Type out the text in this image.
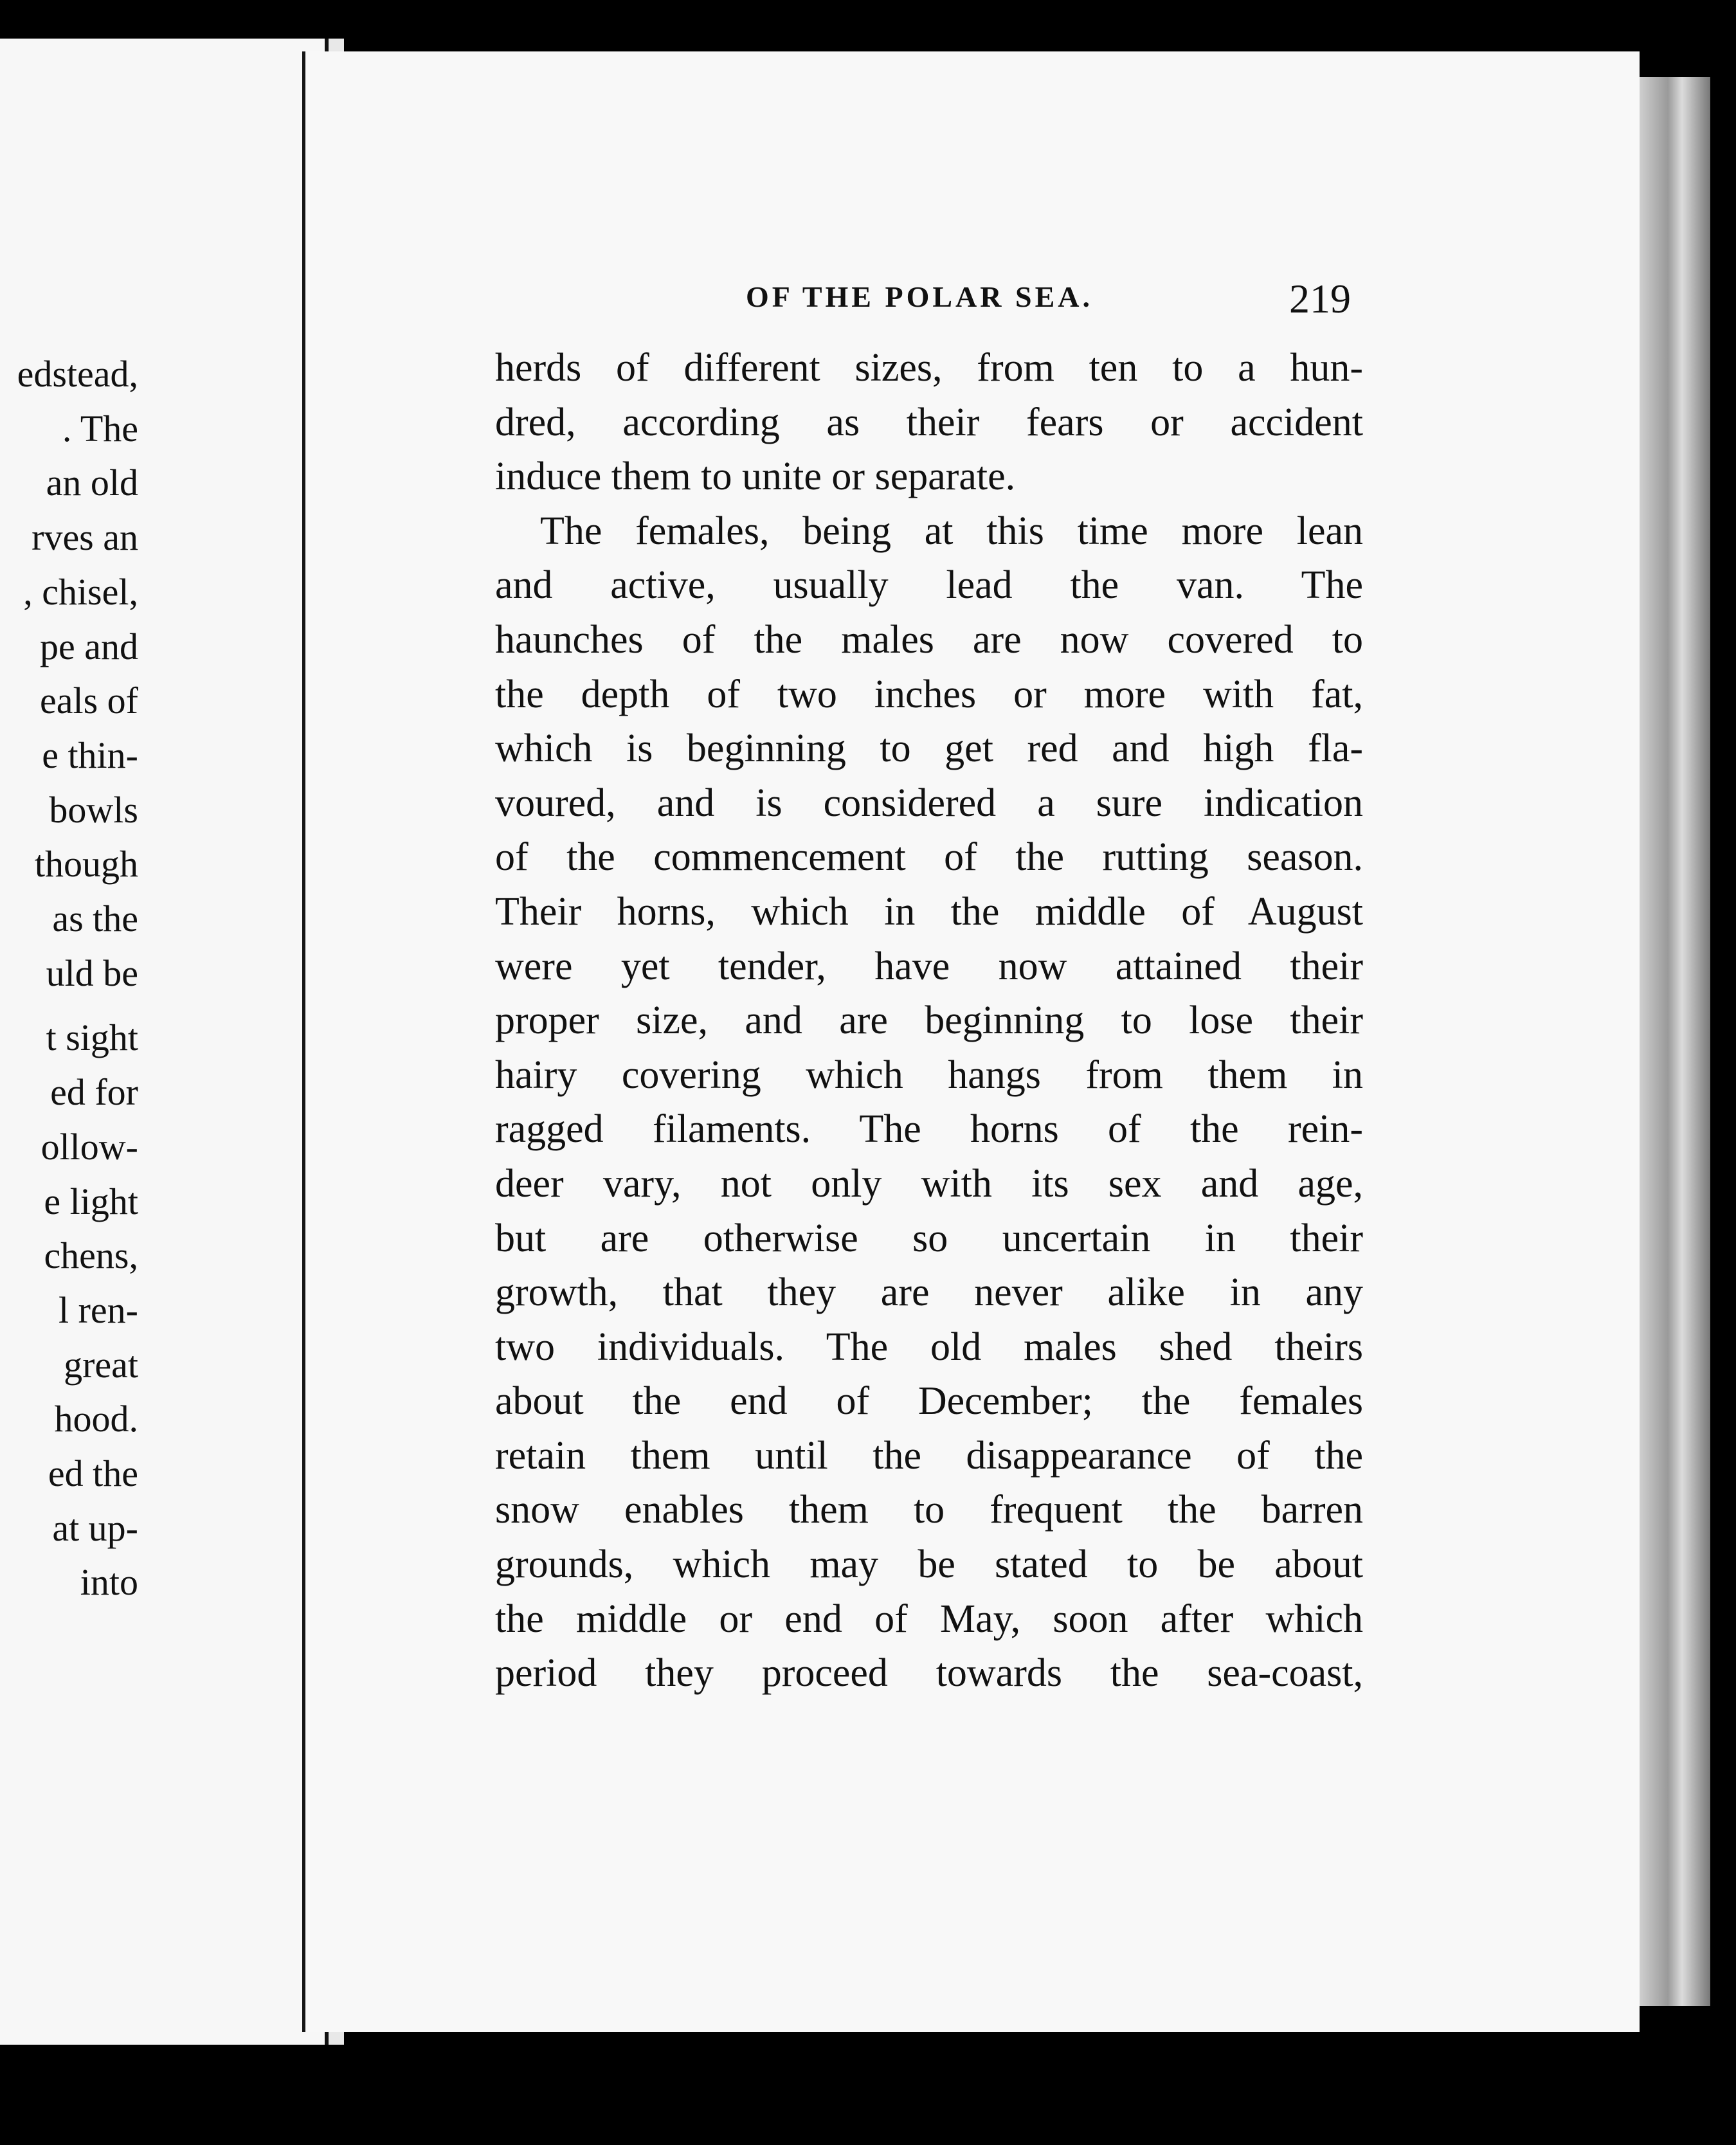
edstead,
. The
an old
rves an
, chisel,
pe and
eals of
e thin-
bowls
though
as the
uld be
t sight
ed for
ollow-
e light
chens,
l ren-
great
hood.
ed the
at up-
into
OF THE POLAR SEA.	219
herds of different sizes, from ten to a hun-
dred, according as their fears or accident
induce them to unite or separate.
The females, being at this time more lean
and active, usually lead the van. The
haunches of the males are now covered to
the depth of two inches or more with fat,
which is beginning to get red and high fla-
voured, and is considered a sure indication
of the commencement of the rutting season.
Their horns, which in the middle of August
were yet tender, have now attained their
proper size, and are beginning to lose their
hairy covering which hangs from them in
ragged filaments. The horns of the rein-
deer vary, not only with its sex and age,
but are otherwise so uncertain in their
growth, that they are never alike in any
two individuals. The old males shed theirs
about the end of December; the females
retain them until the disappearance of the
snow enables them to frequent the barren
grounds, which may be stated to be about
the middle or end of May, soon after which
period they proceed towards the sea-coast,
